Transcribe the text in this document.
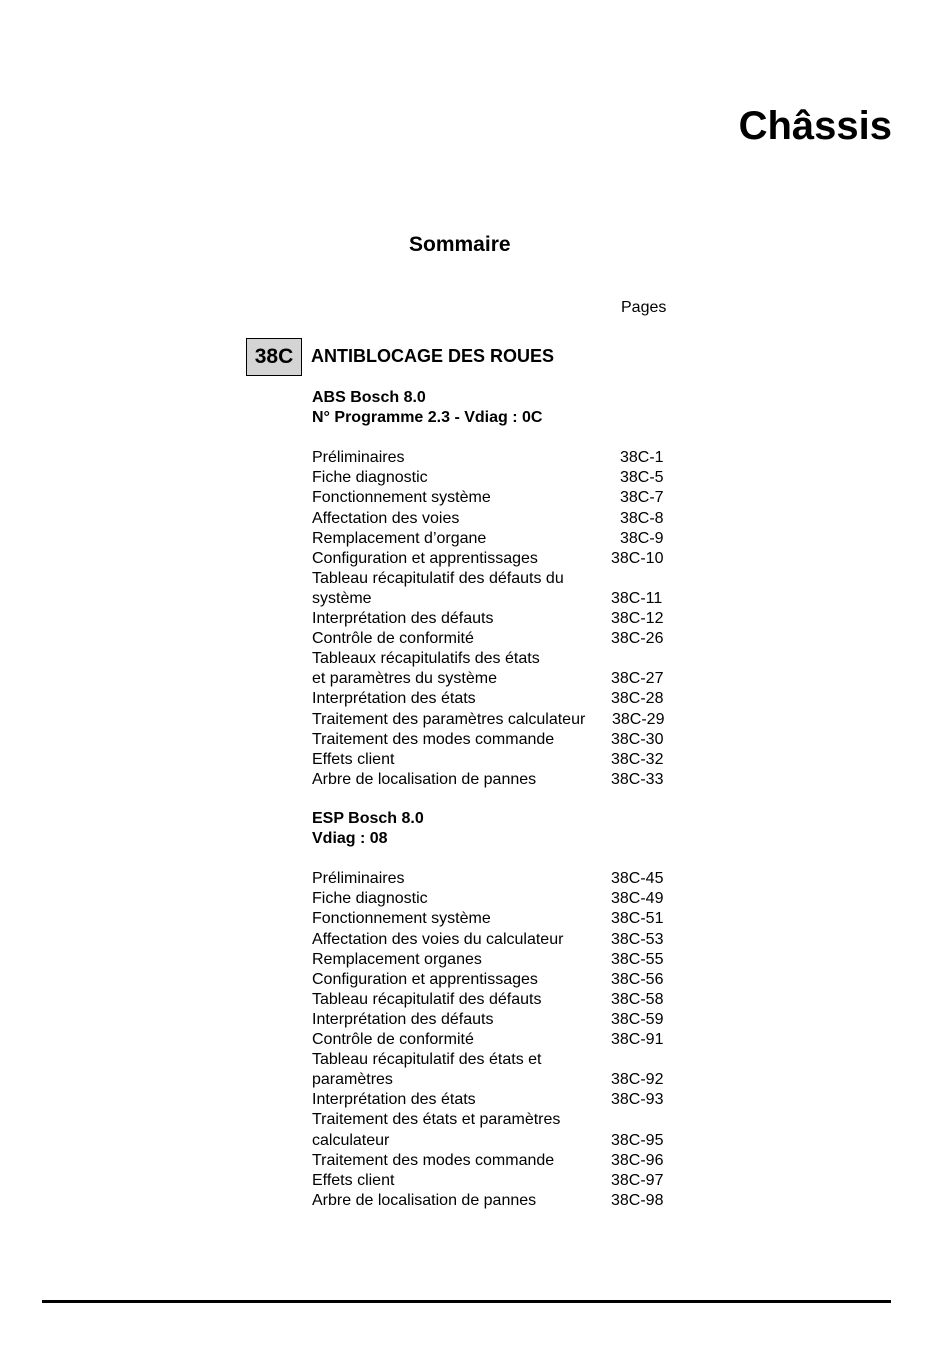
Châssis
Sommaire
Pages
38C ANTIBLOCAGE DES ROUES
ABS Bosch 8.0
N° Programme 2.3 - Vdiag : 0C
Préliminaires	38C-1
Fiche diagnostic	38C-5
Fonctionnement système	38C-7
Affectation des voies	38C-8
Remplacement d’organe	38C-9
Configuration et apprentissages	38C-10
Tableau récapitulatif des défauts du
système	38C-11
Interprétation des défauts	38C-12
Contrôle de conformité	38C-26
Tableaux récapitulatifs des états
et paramètres du système	38C-27
Interprétation des états	38C-28
Traitement des paramètres calculateur 38C-29
Traitement des modes commande	38C-30
Effets client	38C-32
Arbre de localisation de pannes	38C-33
ESP Bosch 8.0
Vdiag : 08
Préliminaires	38C-45
Fiche diagnostic	38C-49
Fonctionnement système	38C-51
Affectation des voies du calculateur	38C-53
Remplacement organes	38C-55
Configuration et apprentissages	38C-56
Tableau récapitulatif des défauts	38C-58
Interprétation des défauts	38C-59
Contrôle de conformité	38C-91
Tableau récapitulatif des états et
paramètres	38C-92
Interprétation des états	38C-93
Traitement des états et paramètres
calculateur	38C-95
Traitement des modes commande	38C-96
Effets client	38C-97
Arbre de localisation de pannes	38C-98
